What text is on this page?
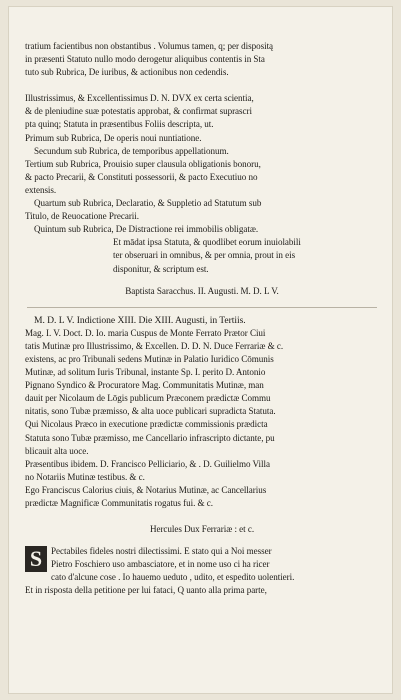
tratium facientibus non obstantibus . Volumus tamen, q; per dispositą
in præsenti Statuto nullo modo derogetur aliquibus contentis in Sta
tuto sub Rubrica, De iuribus, & actionibus non cedendis.
Illustrissimus, & Excellentissimus D. N. DVX ex certa scientia,
& de pleniudine suæ potestatis approbat, & confirmat suprascri
pta quinq; Statuta in præsentibus Foliis descripta, ut.
Primum sub Rubrica, De operis noui nuntiatione.
Secundum sub Rubrica, de temporibus appellationum.
Tertium sub Rubrica, Prouisio super clausula obligationis bonoru,
& pacto Precarii, & Constituti possessorii, & pacto Executiuo no
extensis.
Quartum sub Rubrica, Declaratio, & Suppletio ad Statutum sub
Titulo, de Reuocatione Precarii.
Quintum sub Rubrica, De Distractione rei immobilis obligatæ.
Et mādat ipsa Statuta, & quodlibet eorum inuiolabili
ter obseruari in omnibus, & per omnia, prout in eis
disponitur, & scriptum est.
Baptista Saracchus. II. Augusti. M. D. L V.
M. D. L V. Indictione XIII. Die XIII. Augusti, in Tertiis.
Mag. I. V. Doct. D. Io. maria Cuspus de Monte Ferrato Prætor Ciui
tatis Mutinæ pro Illustrissimo, & Excellen. D. D. N. Duce Ferrariæ & c.
existens, ac pro Tribunali sedens Mutinæ in Palatio Iuridico Cōmunis
Mutinæ, ad solitum Iuris Tribunal, instante Sp. I. perito D. Antonio
Pignano Syndico & Procuratore Mag. Communitatis Mutinæ, man
dauit per Nicolaum de Lōgis publicum Præconem prædictæ Commu
nitatis, sono Tubæ præmisso, & alta uoce publicari supradicta Statuta.
Qui Nicolaus Præco in executione prædictæ commissionis prædicta
Statuta sono Tubæ præmisso, me Cancellario infrascripto dictante, pu
blicauit alta uoce.
Præsentibus ibidem. D. Francisco Pelliciario, & . D. Guilielmo Villa
no Notariis Mutinæ testibus. & c.
Ego Franciscus Calorius ciuis, & Notarius Mutinæ, ac Cancellarius
prædictæ Magnificæ Communitatis rogatus fui. & c.
Hercules Dux Ferrariæ : et c.
S Pectabiles fideles nostri dilectissimi. E stato qui a Noi messer
Pietro Foschiero uso ambasciatore, et in nome uso ci ha ricer
cato d'alcune cose . Io hauemo ueduto , udito, et espedito uolentieri.
Et in risposta della petitione per lui fataci, Q uanto alla prima parte,
